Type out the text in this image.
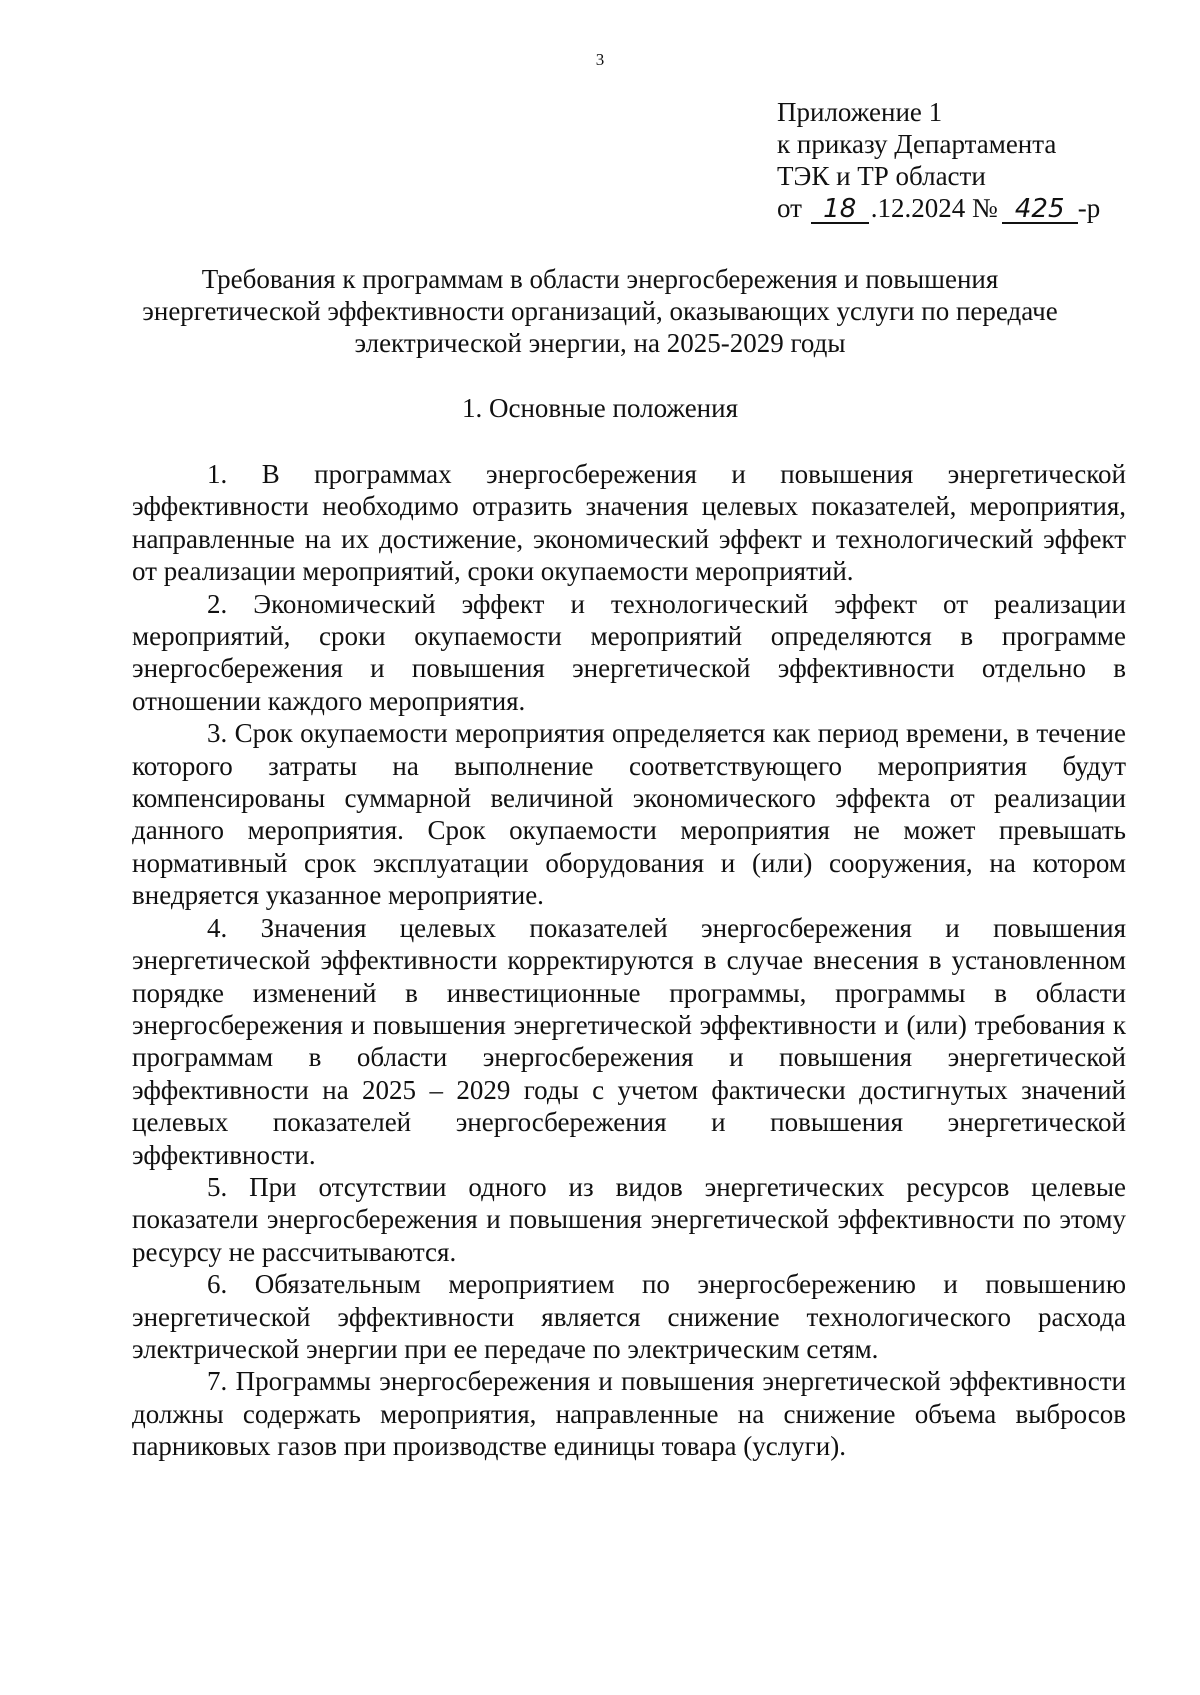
3
Приложение 1
к приказу Департамента
ТЭК и ТР области
от 18 .12.2024 № 425 -р
Требования к программам в области энергосбережения и повышения энергетической эффективности организаций, оказывающих услуги по передаче электрической энергии, на 2025-2029 годы
1. Основные положения

1. В программах энергосбережения и повышения энергетической эффективности необходимо отразить значения целевых показателей, мероприятия, направленные на их достижение, экономический эффект и технологический эффект от реализации мероприятий, сроки окупаемости мероприятий.

2. Экономический эффект и технологический эффект от реализации мероприятий, сроки окупаемости мероприятий определяются в программе энергосбережения и повышения энергетической эффективности отдельно в отношении каждого мероприятия.

3. Срок окупаемости мероприятия определяется как период времени, в течение которого затраты на выполнение соответствующего мероприятия будут компенсированы суммарной величиной экономического эффекта от реализации данного мероприятия. Срок окупаемости мероприятия не может превышать нормативный срок эксплуатации оборудования и (или) сооружения, на котором внедряется указанное мероприятие.

4. Значения целевых показателей энергосбережения и повышения энергетической эффективности корректируются в случае внесения в установленном порядке изменений в инвестиционные программы, программы в области энергосбережения и повышения энергетической эффективности и (или) требования к программам в области энергосбережения и повышения энергетической эффективности на 2025 – 2029 годы с учетом фактически достигнутых значений целевых показателей энергосбережения и повышения энергетической эффективности.

5. При отсутствии одного из видов энергетических ресурсов целевые показатели энергосбережения и повышения энергетической эффективности по этому ресурсу не рассчитываются.

6. Обязательным мероприятием по энергосбережению и повышению энергетической эффективности является снижение технологического расхода электрической энергии при ее передаче по электрическим сетям.

7. Программы энергосбережения и повышения энергетической эффективности должны содержать мероприятия, направленные на снижение объема выбросов парниковых газов при производстве единицы товара (услуги).
